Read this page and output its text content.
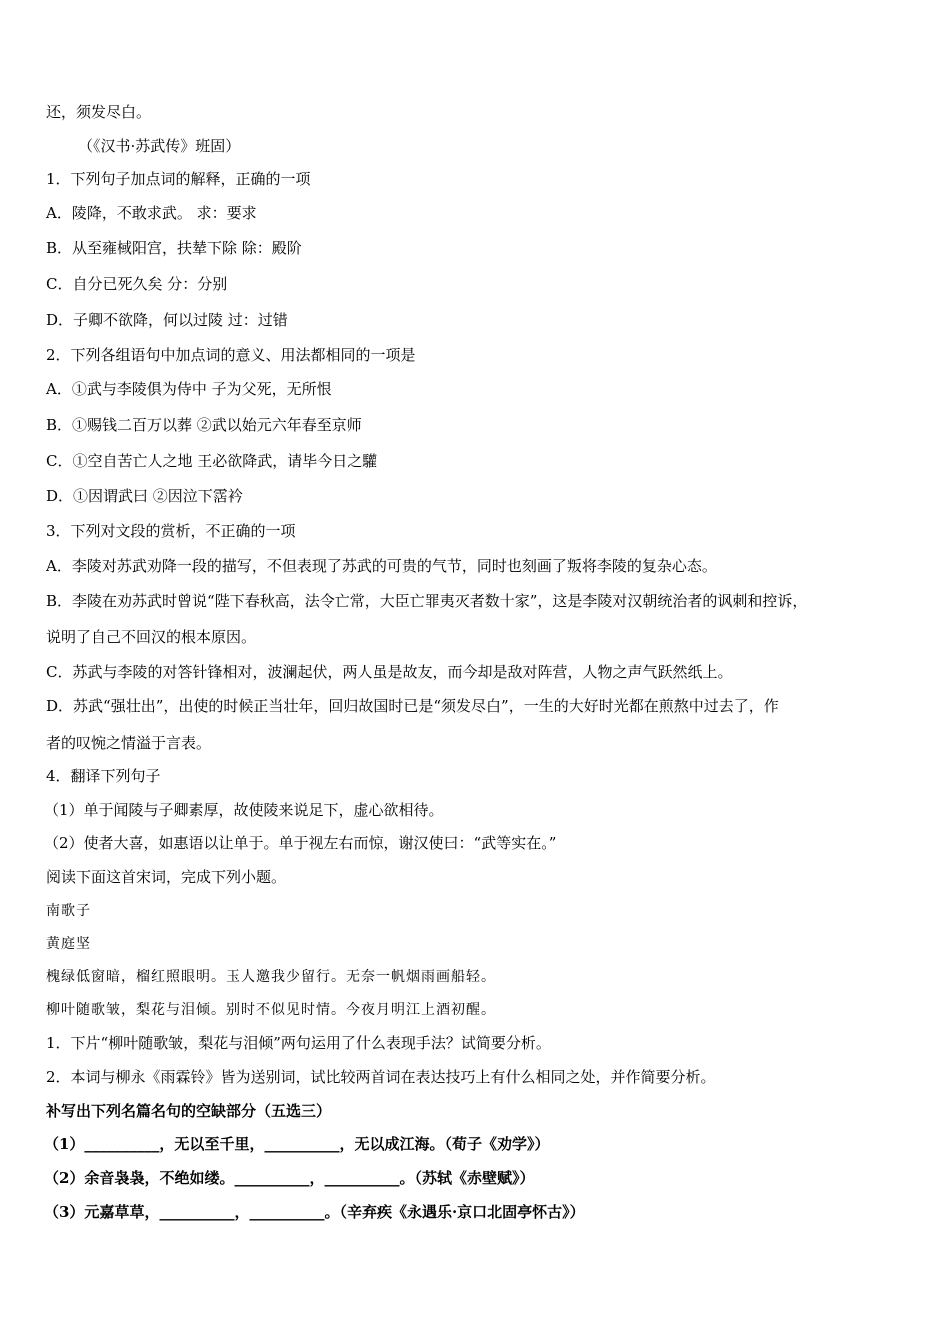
还，须发尽白。
（《汉书·苏武传》班固）
1．下列句子加点词的解释，正确的一项
A．陵降，不敢求武。 求：要求
B．从至雍棫阳宫，扶辇下除 除：殿阶
C．自分已死久矣 分：分别
D．子卿不欲降，何以过陵 过：过错
2．下列各组语句中加点词的意义、用法都相同的一项是
A．①武与李陵俱为侍中 子为父死，无所恨
B．①赐钱二百万以葬 ②武以始元六年春至京师
C．①空自苦亡人之地 王必欲降武，请毕今日之驩
D．①因谓武曰 ②因泣下霑衿
3．下列对文段的赏析，不正确的一项
A．李陵对苏武劝降一段的描写，不但表现了苏武的可贵的气节，同时也刻画了叛将李陵的复杂心态。
B．李陵在劝苏武时曾说“陛下春秋高，法令亡常，大臣亡罪夷灭者数十家”，这是李陵对汉朝统治者的讽刺和控诉，
说明了自己不回汉的根本原因。
C．苏武与李陵的对答针锋相对，波澜起伏，两人虽是故友，而今却是敌对阵营，人物之声气跃然纸上。
D．苏武“强壮出”，出使的时候正当壮年，回归故国时已是“须发尽白”，一生的大好时光都在煎熬中过去了，作
者的叹惋之情溢于言表。
4．翻译下列句子
（1）单于闻陵与子卿素厚，故使陵来说足下，虚心欲相待。
（2）使者大喜，如惠语以让单于。单于视左右而惊，谢汉使曰：“武等实在。”
阅读下面这首宋词，完成下列小题。
南歌子
黄庭坚
槐绿低窗暗，榴红照眼明。玉人邀我少留行。无奈一帆烟雨画船轻。
柳叶随歌皱，梨花与泪倾。别时不似见时情。今夜月明江上酒初醒。
1．下片“柳叶随歌皱，梨花与泪倾”两句运用了什么表现手法？试简要分析。
2．本词与柳永《雨霖铃》皆为送别词，试比较两首词在表达技巧上有什么相同之处，并作简要分析。
补写出下列名篇名句的空缺部分（五选三）
（1）__________，无以至千里，__________，无以成江海。（荀子《劝学》）
（2）余音袅袅，不绝如缕。__________，__________。（苏轼《赤壁赋》）
（3）元嘉草草，__________，__________。（辛弃疾《永遇乐·京口北固亭怀古》）
